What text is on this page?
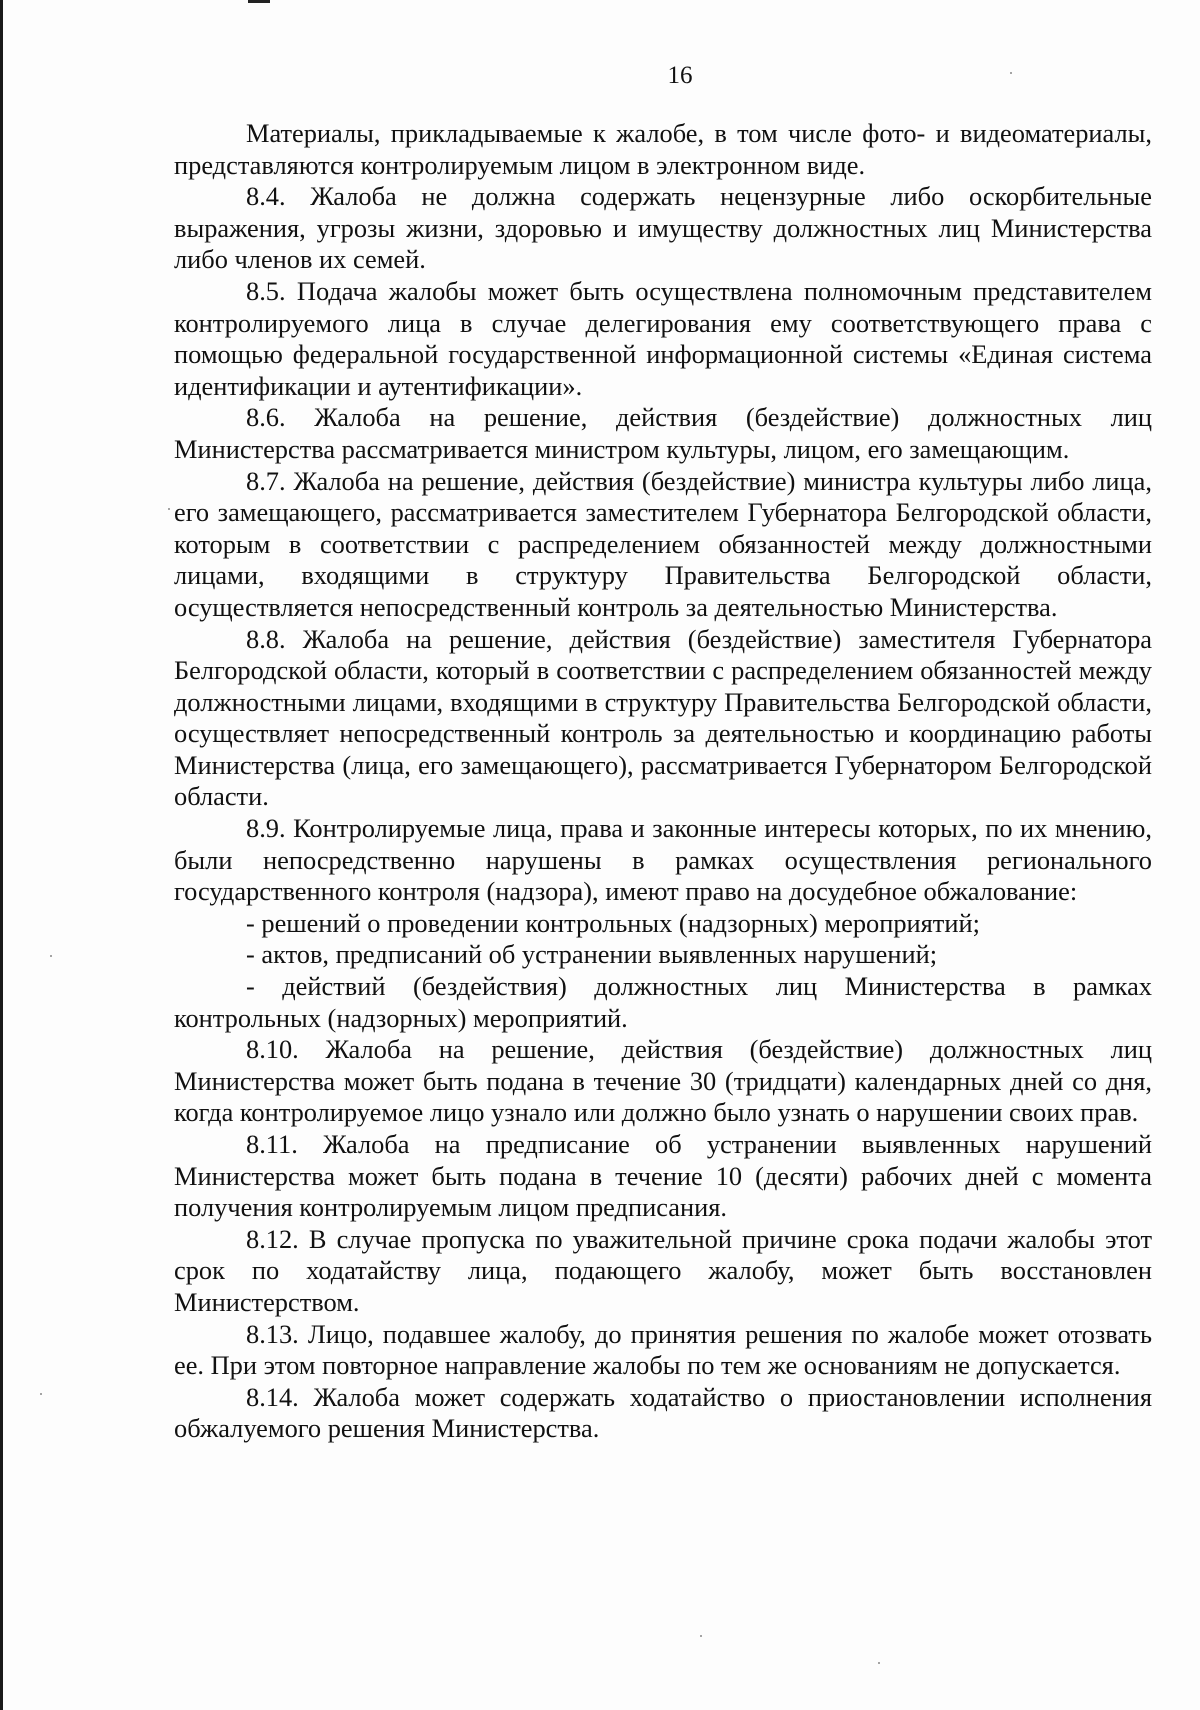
16

Материалы, прикладываемые к жалобе, в том числе фото- и видеоматериалы, представляются контролируемым лицом в электронном виде.

8.4. Жалоба не должна содержать нецензурные либо оскорбительные выражения, угрозы жизни, здоровью и имуществу должностных лиц Министерства либо членов их семей.

8.5. Подача жалобы может быть осуществлена полномочным представителем контролируемого лица в случае делегирования ему соответствующего права с помощью федеральной государственной информационной системы «Единая система идентификации и аутентификации».

8.6. Жалоба на решение, действия (бездействие) должностных лиц Министерства рассматривается министром культуры, лицом, его замещающим.

8.7. Жалоба на решение, действия (бездействие) министра культуры либо лица, его замещающего, рассматривается заместителем Губернатора Белгородской области, которым в соответствии с распределением обязанностей между должностными лицами, входящими в структуру Правительства Белгородской области, осуществляется непосредственный контроль за деятельностью Министерства.

8.8. Жалоба на решение, действия (бездействие) заместителя Губернатора Белгородской области, который в соответствии с распределением обязанностей между должностными лицами, входящими в структуру Правительства Белгородской области, осуществляет непосредственный контроль за деятельностью и координацию работы Министерства (лица, его замещающего), рассматривается Губернатором Белгородской области.

8.9. Контролируемые лица, права и законные интересы которых, по их мнению, были непосредственно нарушены в рамках осуществления регионального государственного контроля (надзора), имеют право на досудебное обжалование:

- решений о проведении контрольных (надзорных) мероприятий;

- актов, предписаний об устранении выявленных нарушений;

- действий (бездействия) должностных лиц Министерства в рамках контрольных (надзорных) мероприятий.

8.10. Жалоба на решение, действия (бездействие) должностных лиц Министерства может быть подана в течение 30 (тридцати) календарных дней со дня, когда контролируемое лицо узнало или должно было узнать о нарушении своих прав.

8.11. Жалоба на предписание об устранении выявленных нарушений Министерства может быть подана в течение 10 (десяти) рабочих дней с момента получения контролируемым лицом предписания.

8.12. В случае пропуска по уважительной причине срока подачи жалобы этот срок по ходатайству лица, подающего жалобу, может быть восстановлен Министерством.

8.13. Лицо, подавшее жалобу, до принятия решения по жалобе может отозвать ее. При этом повторное направление жалобы по тем же основаниям не допускается.

8.14. Жалоба может содержать ходатайство о приостановлении исполнения обжалуемого решения Министерства.
